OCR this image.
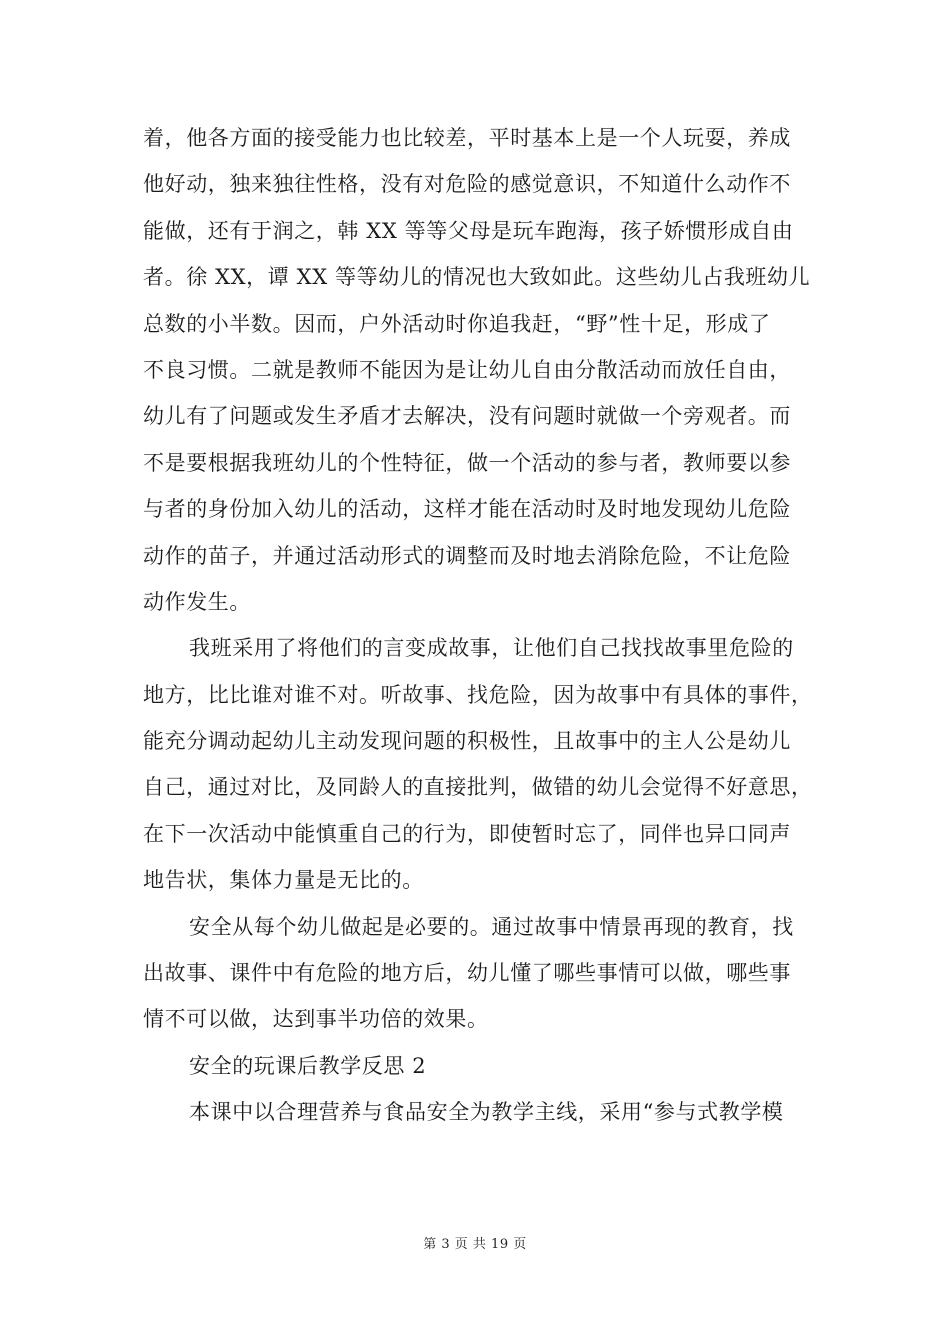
着，他各方面的接受能力也比较差，平时基本上是一个人玩耍，养成
他好动，独来独往性格，没有对危险的感觉意识，不知道什么动作不
能做，还有于润之，韩 XX 等等父母是玩车跑海，孩子娇惯形成自由
者。徐 XX，谭 XX 等等幼儿的情况也大致如此。这些幼儿占我班幼儿
总数的小半数。因而，户外活动时你追我赶，“野”性十足，形成了
不良习惯。二就是教师不能因为是让幼儿自由分散活动而放任自由，
幼儿有了问题或发生矛盾才去解决，没有问题时就做一个旁观者。而
不是要根据我班幼儿的个性特征，做一个活动的参与者，教师要以参
与者的身份加入幼儿的活动，这样才能在活动时及时地发现幼儿危险
动作的苗子，并通过活动形式的调整而及时地去消除危险，不让危险
动作发生。
我班采用了将他们的言变成故事，让他们自己找找故事里危险的
地方，比比谁对谁不对。听故事、找危险，因为故事中有具体的事件，
能充分调动起幼儿主动发现问题的积极性，且故事中的主人公是幼儿
自己，通过对比，及同龄人的直接批判，做错的幼儿会觉得不好意思，
在下一次活动中能慎重自己的行为，即使暂时忘了，同伴也异口同声
地告状，集体力量是无比的。
安全从每个幼儿做起是必要的。通过故事中情景再现的教育，找
出故事、课件中有危险的地方后，幼儿懂了哪些事情可以做，哪些事
情不可以做，达到事半功倍的效果。
安全的玩课后教学反思 2
本课中以合理营养与食品安全为教学主线，采用“参与式教学模
第 3 页 共 19 页
